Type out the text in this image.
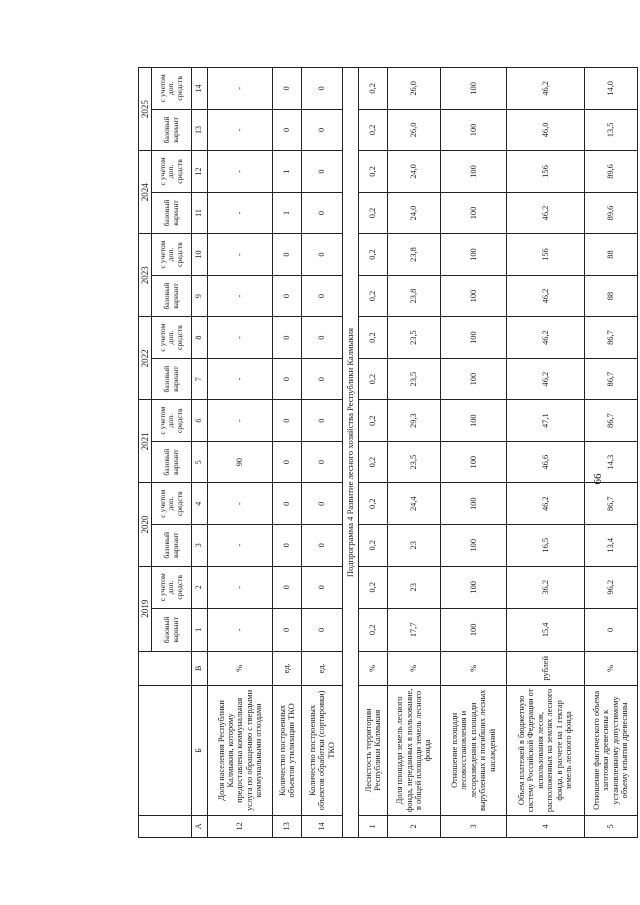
			2019		2020		2021		2022		2023		2024		2025	
			базовый вариант	с учетом доп. средств	базовый вариант	с учетом доп. средств	базовый вариант	с учетом доп. средств	базовый вариант	с учетом доп. средств	базовый вариант	с учетом доп. средств	базовый вариант	с учетом доп. средств	базовый вариант	с учетом доп. средств
А	Б	В	1	2	3	4	5	6	7	8	9	10	11	12	13	14
12	Доля населения Республики Калмыкия, которому предоставлена коммунальная услуга по обращению с твердыми коммунальными отходами	%	-	-	-	-	90	-	-	-	-	-	-	-	-	-
13	Количество построенных объектов утилизации ТКО	ед.	0	0	0	0	0	0	0	0	0	0	1	1	0	0
14	Количество построенных объектов обработки (сортировки) ТКО	ед.	0	0	0	0	0	0	0	0	0	0	0	0	0	0
Подпрограмма 4 Развитие лесного хозяйства Республики Калмыкия																
1	Лесистость территории Республики Калмыкия	%	0,2	0,2	0,2	0,2	0,2	0,2	0,2	0,2	0,2	0,2	0,2	0,2	0,2	0,2
2	Доля площади земель лесного фонда, переданных в пользование, в общей площади земель лесного фонда	%	17,7	23	23	24,4	23,5	29,3	23,5	23,5	23,8	23,8	24,0	24,0	26,0	26,0
3	Отношение площади лесовосстановления и лесоразведения к площади вырубленных и погибших лесных насаждений	%	100	100	100	100	100	100	100	100	100	100	100	100	100	100
4	Объем платежей в бюджетную систему Российской Федерации от использования лесов, расположенных на землях лесного фонда, в расчете на 1 гектар земель лесного фонда	рублей	15,4	36,2	16,5	46,2	46,6	47,1	46,2	46,2	46,2	156	46,2	156	46,0	46,2
5	Отношение фактического объема заготовки древесины к установленному допустимому объему изъятия древесины	%	0	96,2	13,4	86,7	14,3	86,7	86,7	86,7	88	88	89,6	89,6	13,5	14,0
66
